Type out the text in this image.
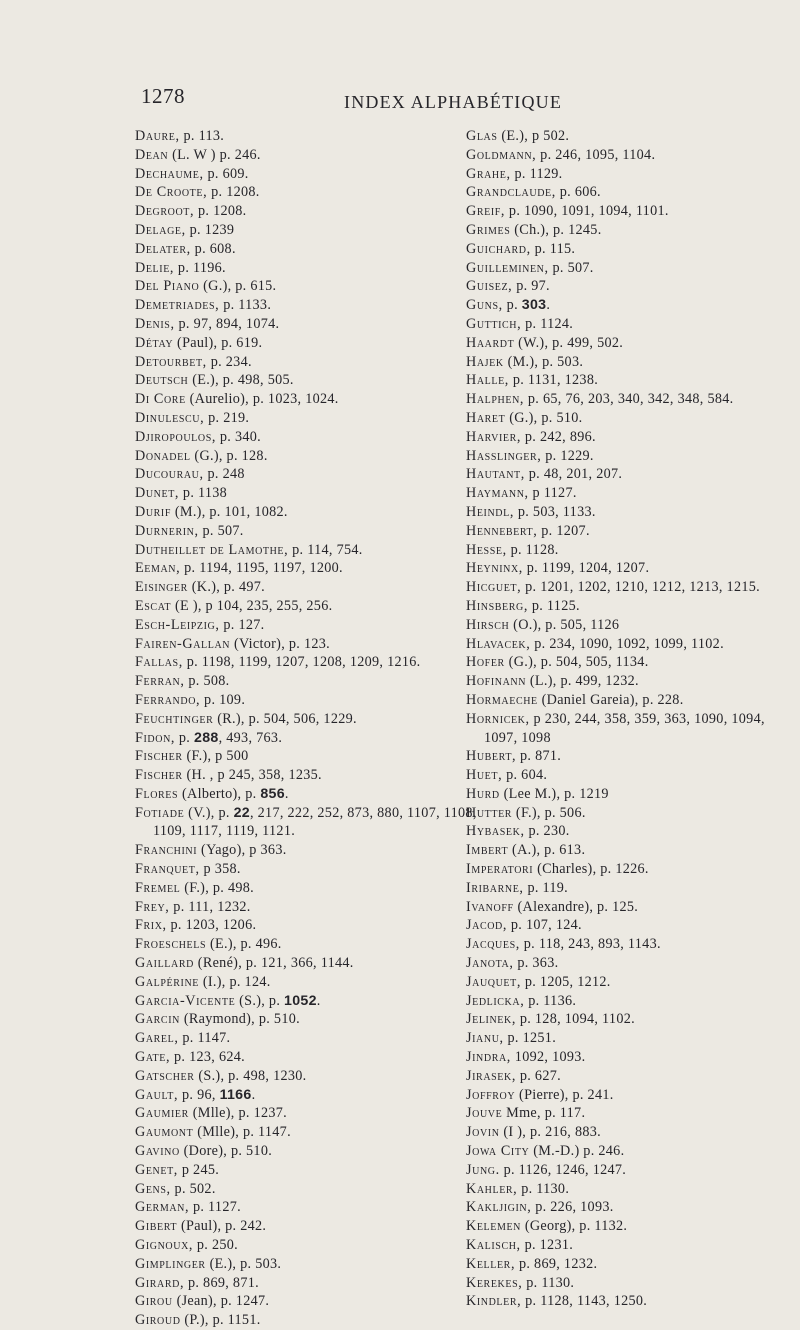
1278	INDEX ALPHABÉTIQUE
Daure, p. 113.
Dean (L. W ) p. 246.
Dechaume, p. 609.
De Croote, p. 1208.
Degroot, p. 1208.
Delage, p. 1239
Delater, p. 608.
Delie, p. 1196.
Del Piano (G.), p. 615.
Demetriades, p. 1133.
Denis, p. 97, 894, 1074.
Détay (Paul), p. 619.
Detourbet, p. 234.
Deutsch (E.), p. 498, 505.
Di Core (Aurelio), p. 1023, 1024.
Dinulescu, p. 219.
Djiropoulos, p. 340.
Donadel (G.), p. 128.
Ducourau, p. 248
Dunet, p. 1138
Durif (M.), p. 101, 1082.
Durnerin, p. 507.
Dutheillet de Lamothe, p. 114, 754.
Eeman, p. 1194, 1195, 1197, 1200.
Eisinger (K.), p. 497.
Escat (E ), p 104, 235, 255, 256.
Esch-Leipzig, p. 127.
Fairen-Gallan (Victor), p. 123.
Fallas, p. 1198, 1199, 1207, 1208, 1209, 1216.
Ferran, p. 508.
Ferrando, p. 109.
Feuchtinger (R.), p. 504, 506, 1229.
Fidon, p. 288, 493, 763.
Fischer (F.), p 500
Fischer (H. , p 245, 358, 1235.
Flores (Alberto), p. 856.
Fotiade (V.), p. 22, 217, 222, 252, 873, 880, 1107, 1108, 1109, 1117, 1119, 1121.
Franchini (Yago), p 363.
Franquet, p 358.
Fremel (F.), p. 498.
Frey, p. 111, 1232.
Frix, p. 1203, 1206.
Froeschels (E.), p. 496.
Gaillard (René), p. 121, 366, 1144.
Galpérine (I.), p. 124.
Garcia-Vicente (S.), p. 1052.
Garcin (Raymond), p. 510.
Garel, p. 1147.
Gate, p. 123, 624.
Gatscher (S.), p. 498, 1230.
Gault, p. 96, 1166.
Gaumier (Mlle), p. 1237.
Gaumont (Mlle), p. 1147.
Gavino (Dore), p. 510.
Genet, p 245.
Gens, p. 502.
German, p. 1127.
Gibert (Paul), p. 242.
Gignoux, p. 250.
Gimplinger (E.), p. 503.
Girard, p. 869, 871.
Girou (Jean), p. 1247.
Giroud (P.), p. 1151.
Glas (E.), p 502.
Goldmann, p. 246, 1095, 1104.
Grahe, p. 1129.
Grandclaude, p. 606.
Greif, p. 1090, 1091, 1094, 1101.
Grimes (Ch.), p. 1245.
Guichard, p. 115.
Guilleminen, p. 507.
Guisez, p. 97.
Guns, p. 303.
Guttich, p. 1124.
Haardt (W.), p. 499, 502.
Hajek (M.), p. 503.
Halle, p. 1131, 1238.
Halphen, p. 65, 76, 203, 340, 342, 348, 584.
Haret (G.), p. 510.
Harvier, p. 242, 896.
Hasslinger, p. 1229.
Hautant, p. 48, 201, 207.
Haymann, p 1127.
Heindl, p. 503, 1133.
Hennebert, p. 1207.
Hesse, p. 1128.
Heyninx, p. 1199, 1204, 1207.
Hicguet, p. 1201, 1202, 1210, 1212, 1213, 1215.
Hinsberg, p. 1125.
Hirsch (O.), p. 505, 1126
Hlavacek, p. 234, 1090, 1092, 1099, 1102.
Hofer (G.), p. 504, 505, 1134.
Hofinann (L.), p. 499, 1232.
Hormaeche (Daniel Gareia), p. 228.
Hornicek, p 230, 244, 358, 359, 363, 1090, 1094, 1097, 1098
Hubert, p. 871.
Huet, p. 604.
Hurd (Lee M.), p. 1219
Hutter (F.), p. 506.
Hybasek, p. 230.
Imbert (A.), p. 613.
Imperatori (Charles), p. 1226.
Iribarne, p. 119.
Ivanoff (Alexandre), p. 125.
Jacod, p. 107, 124.
Jacques, p. 118, 243, 893, 1143.
Janota, p. 363.
Jauquet, p. 1205, 1212.
Jedlicka, p. 1136.
Jelinek, p. 128, 1094, 1102.
Jianu, p. 1251.
Jindra, 1092, 1093.
Jirasek, p. 627.
Joffroy (Pierre), p. 241.
Jouve Mme, p. 117.
Jovin (I ), p. 216, 883.
Jowa City (M.-D.) p. 246.
Jung. p. 1126, 1246, 1247.
Kahler, p. 1130.
Kakljigin, p. 226, 1093.
Kelemen (Georg), p. 1132.
Kalisch, p. 1231.
Keller, p. 869, 1232.
Kerekes, p. 1130.
Kindler, p. 1128, 1143, 1250.
